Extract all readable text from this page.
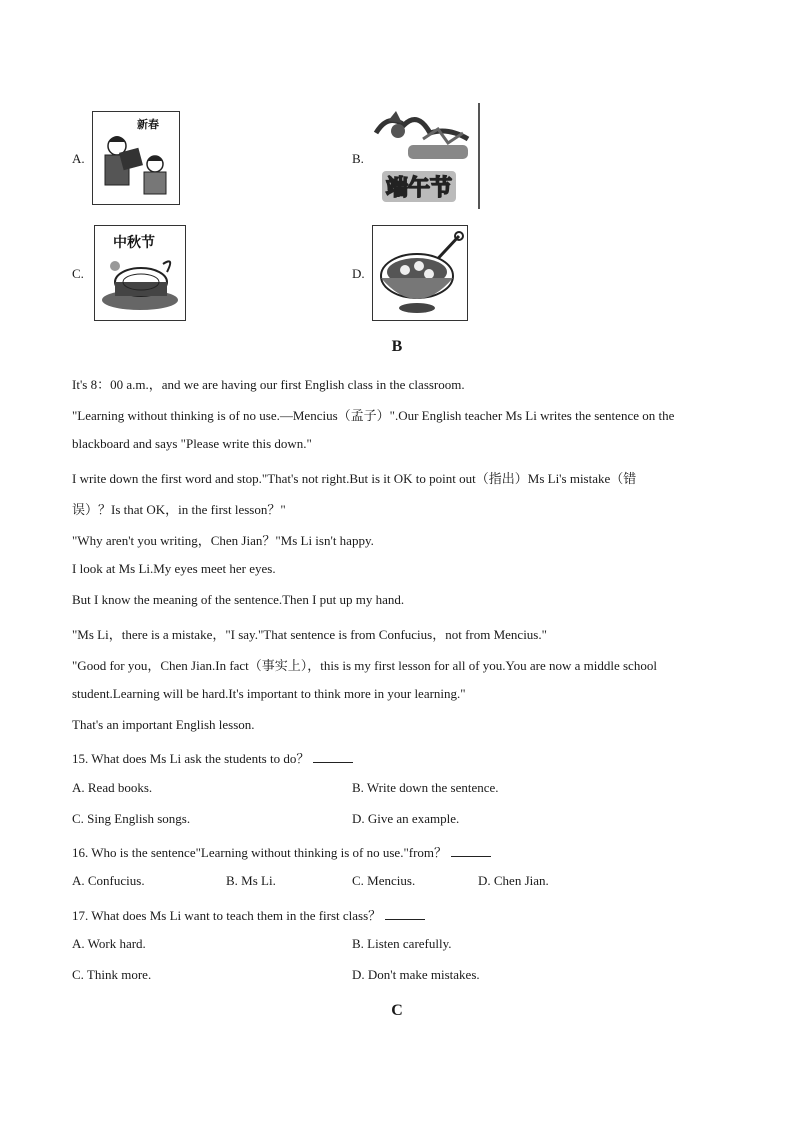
A.
新春
B.
端午节
C.
中秋节
D.
B
It's 8：00 a.m.，and we are having our first English class in the classroom.
"Learning without thinking is of no use.—Mencius（孟子）".Our English teacher Ms Li writes the sentence on the
blackboard and says "Please write this down."
I write down the first word and stop."That's not right.But is it OK to point out（指出）Ms Li's mistake（错
误）？Is that OK，in the first lesson？"
"Why aren't you writing，Chen Jian？"Ms Li isn't happy.
I look at Ms Li.My eyes meet her eyes.
But I know the meaning of the sentence.Then I put up my hand.
"Ms Li，there is a mistake，"I say."That sentence is from Confucius，not from Mencius."
"Good for you，Chen Jian.In fact（事实上），this is my first lesson for all of you.You are now a middle school
student.Learning will be hard.It's important to think more in your learning."
That's an important English lesson.
15. What does Ms Li ask the students to do？
A. Read books.	B. Write down the sentence.
C. Sing English songs.	D. Give an example.
16. Who is the sentence"Learning without thinking is of no use."from？
A. Confucius.	B. Ms Li.	C. Mencius.	D. Chen Jian.
17. What does Ms Li want to teach them in the first class？
A. Work hard.	B. Listen carefully.
C. Think more.	D. Don't make mistakes.
C
